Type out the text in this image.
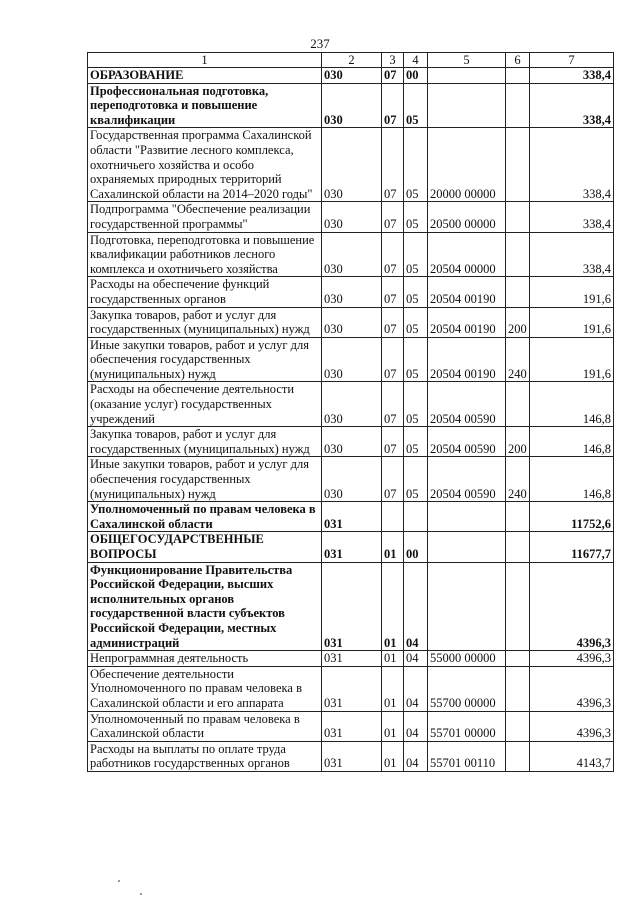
237
1	2	3	4	5	6	7
ОБРАЗОВАНИЕ	030	07	00			338,4
Профессиональная подготовка, переподготовка и повышение квалификации	030	07	05			338,4
Государственная программа Сахалинской области "Развитие лесного комплекса, охотничьего хозяйства и особо охраняемых природных территорий Сахалинской области на 2014–2020 годы"	030	07	05	20000 00000		338,4
Подпрограмма "Обеспечение реализации государственной программы"	030	07	05	20500 00000		338,4
Подготовка, переподготовка и повышение квалификации работников лесного комплекса и охотничьего хозяйства	030	07	05	20504 00000		338,4
Расходы на обеспечение функций государственных органов	030	07	05	20504 00190		191,6
Закупка товаров, работ и услуг для государственных (муниципальных) нужд	030	07	05	20504 00190	200	191,6
Иные закупки товаров, работ и услуг для обеспечения государственных (муниципальных) нужд	030	07	05	20504 00190	240	191,6
Расходы на обеспечение деятельности (оказание услуг) государственных учреждений	030	07	05	20504 00590		146,8
Закупка товаров, работ и услуг для государственных (муниципальных) нужд	030	07	05	20504 00590	200	146,8
Иные закупки товаров, работ и услуг для обеспечения государственных (муниципальных) нужд	030	07	05	20504 00590	240	146,8
Уполномоченный по правам человека в Сахалинской области	031					11752,6
ОБЩЕГОСУДАРСТВЕННЫЕ ВОПРОСЫ	031	01	00			11677,7
Функционирование Правительства Российской Федерации, высших исполнительных органов государственной власти субъектов Российской Федерации, местных администраций	031	01	04			4396,3
Непрограммная деятельность	031	01	04	55000 00000		4396,3
Обеспечение деятельности Уполномоченного по правам человека в Сахалинской области и его аппарата	031	01	04	55700 00000		4396,3
Уполномоченный по правам человека в Сахалинской области	031	01	04	55701 00000		4396,3
Расходы на выплаты по оплате труда работников государственных органов	031	01	04	55701 00110		4143,7
